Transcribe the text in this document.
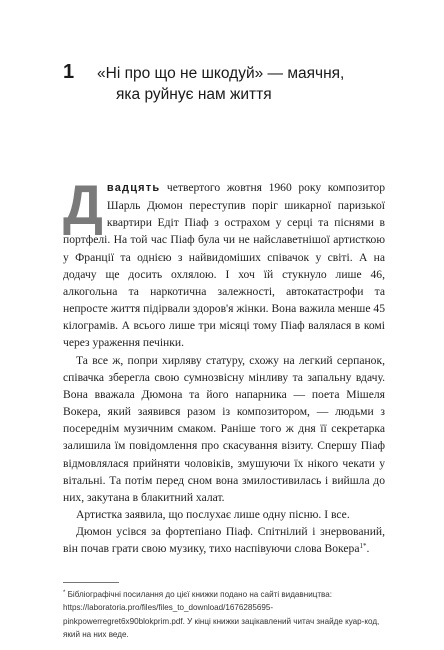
1 «Ні про що не шкодуй» — маячня,
яка руйнує нам життя

Двадцять четвертого жовтня 1960 року композитор Шарль Дюмон переступив поріг шикарної паризької квартири Едіт Піаф з острахом у серці та піснями в портфелі. На той час Піаф була чи не найславетнішої артисткою у Франції та однією з найвидоміших співачок у світі. А на додачу ще досить охлялою. І хоч їй стукнуло лише 46, алкогольна та наркотична залежності, автокатастрофи та непросте життя підірвали здоров'я жінки. Вона важила менше 45 кілограмів. А всього лише три місяці тому Піаф валялася в комі через ураження печінки.

Та все ж, попри хирляву статуру, схожу на легкий серпанок, співачка зберегла свою сумнозвісну мінливу та запальну вдачу. Вона вважала Дюмона та його напарника — поета Мішеля Вокера, який заявився разом із композитором, — людьми з посереднім музичним смаком. Раніше того ж дня її секретарка залишила їм повідомлення про скасування візиту. Спершу Піаф відмовлялася прийняти чоловіків, змушуючи їх нікого чекати у вітальні. Та потім перед сном вона змилостивилась і вийшла до них, закутана в блакитний халат.

Артистка заявила, що послухає лише одну пісню. І все.

Дюмон усівся за фортепіано Піаф. Спітнілий і знервований, він почав грати свою музику, тихо наспівуючи слова Вокера$^{1*}$.

* Бібліографічні посилання до цієї книжки подано на сайті видавництва: https://laboratoria.pro/files/files_to_download/1676285695-pinkpowerregret6x90blokprim.pdf. У кінці книжки зацікавлений читач знайде куар-код, який на них веде.
